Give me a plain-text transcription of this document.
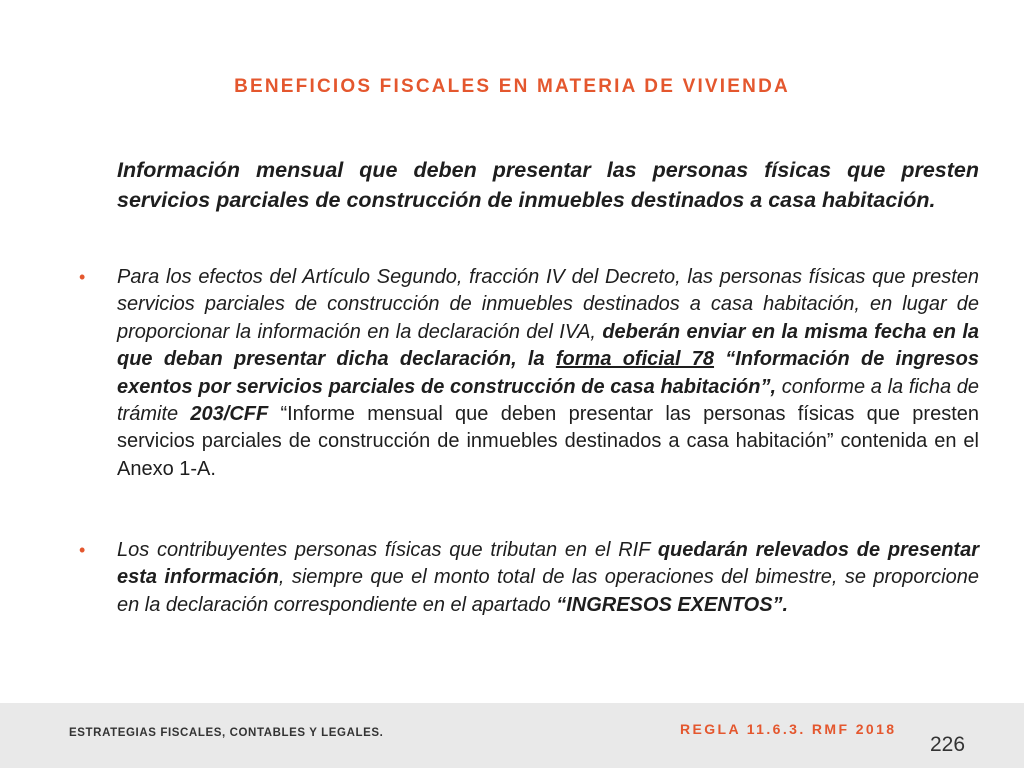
BENEFICIOS FISCALES EN MATERIA DE VIVIENDA

Información mensual que deben presentar las personas físicas que presten servicios parciales de construcción de inmuebles destinados a casa habitación.

• Para los efectos del Artículo Segundo, fracción IV del Decreto, las personas físicas que presten servicios parciales de construcción de inmuebles destinados a casa habitación, en lugar de proporcionar la información en la declaración del IVA, deberán enviar en la misma fecha en la que deban presentar dicha declaración, la forma oficial 78 “Información de ingresos exentos por servicios parciales de construcción de casa habitación”, conforme a la ficha de trámite 203/CFF “Informe mensual que deben presentar las personas físicas que presten servicios parciales de construcción de inmuebles destinados a casa habitación” contenida en el Anexo 1-A.

• Los contribuyentes personas físicas que tributan en el RIF quedarán relevados de presentar esta información, siempre que el monto total de las operaciones del bimestre, se proporcione en la declaración correspondiente en el apartado “INGRESOS EXENTOS”.

ESTRATEGIAS FISCALES, CONTABLES Y LEGALES.	REGLA 11.6.3. RMF 2018
226
